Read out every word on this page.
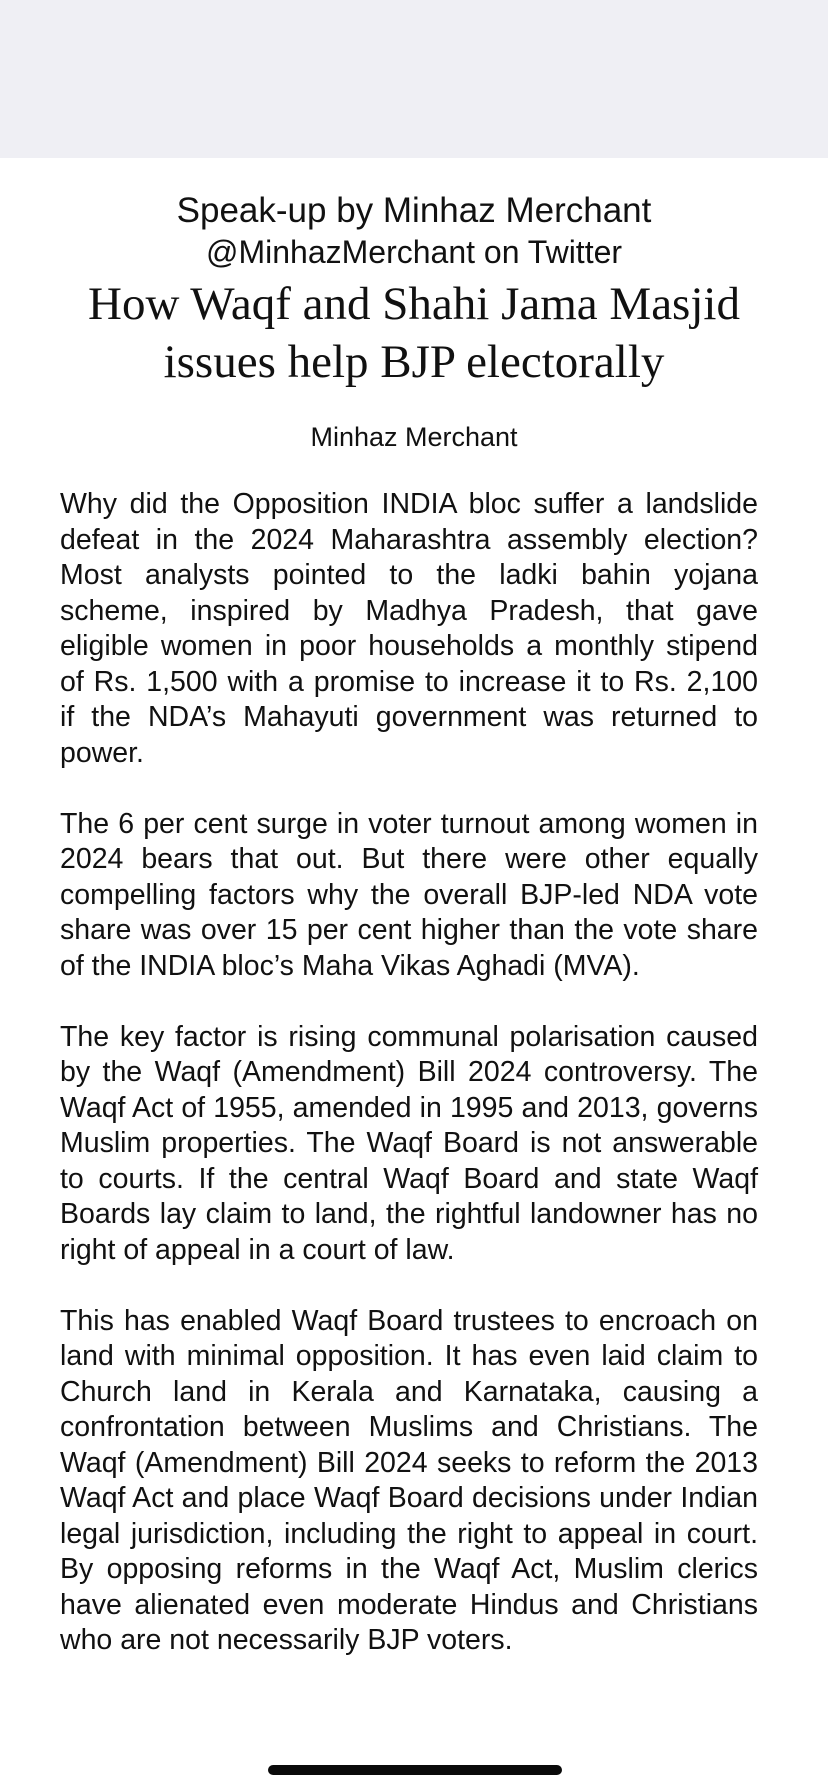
Speak-up by Minhaz Merchant
@MinhazMerchant on Twitter
How Waqf and Shahi Jama Masjid issues help BJP electorally
Minhaz Merchant

Why did the Opposition INDIA bloc suffer a landslide defeat in the 2024 Maharashtra assembly election? Most analysts pointed to the ladki bahin yojana scheme, inspired by Madhya Pradesh, that gave eligible women in poor households a monthly stipend of Rs. 1,500 with a promise to increase it to Rs. 2,100 if the NDA’s Mahayuti government was returned to power.

The 6 per cent surge in voter turnout among women in 2024 bears that out. But there were other equally compelling factors why the overall BJP-led NDA vote share was over 15 per cent higher than the vote share of the INDIA bloc’s Maha Vikas Aghadi (MVA).

The key factor is rising communal polarisation caused by the Waqf (Amendment) Bill 2024 controversy. The Waqf Act of 1955, amended in 1995 and 2013, governs Muslim properties. The Waqf Board is not answerable to courts. If the central Waqf Board and state Waqf Boards lay claim to land, the rightful landowner has no right of appeal in a court of law.

This has enabled Waqf Board trustees to encroach on land with minimal opposition. It has even laid claim to Church land in Kerala and Karnataka, causing a confrontation between Muslims and Christians. The Waqf (Amendment) Bill 2024 seeks to reform the 2013 Waqf Act and place Waqf Board decisions under Indian legal jurisdiction, including the right to appeal in court. By opposing reforms in the Waqf Act, Muslim clerics have alienated even moderate Hindus and Christians who are not necessarily BJP voters.
